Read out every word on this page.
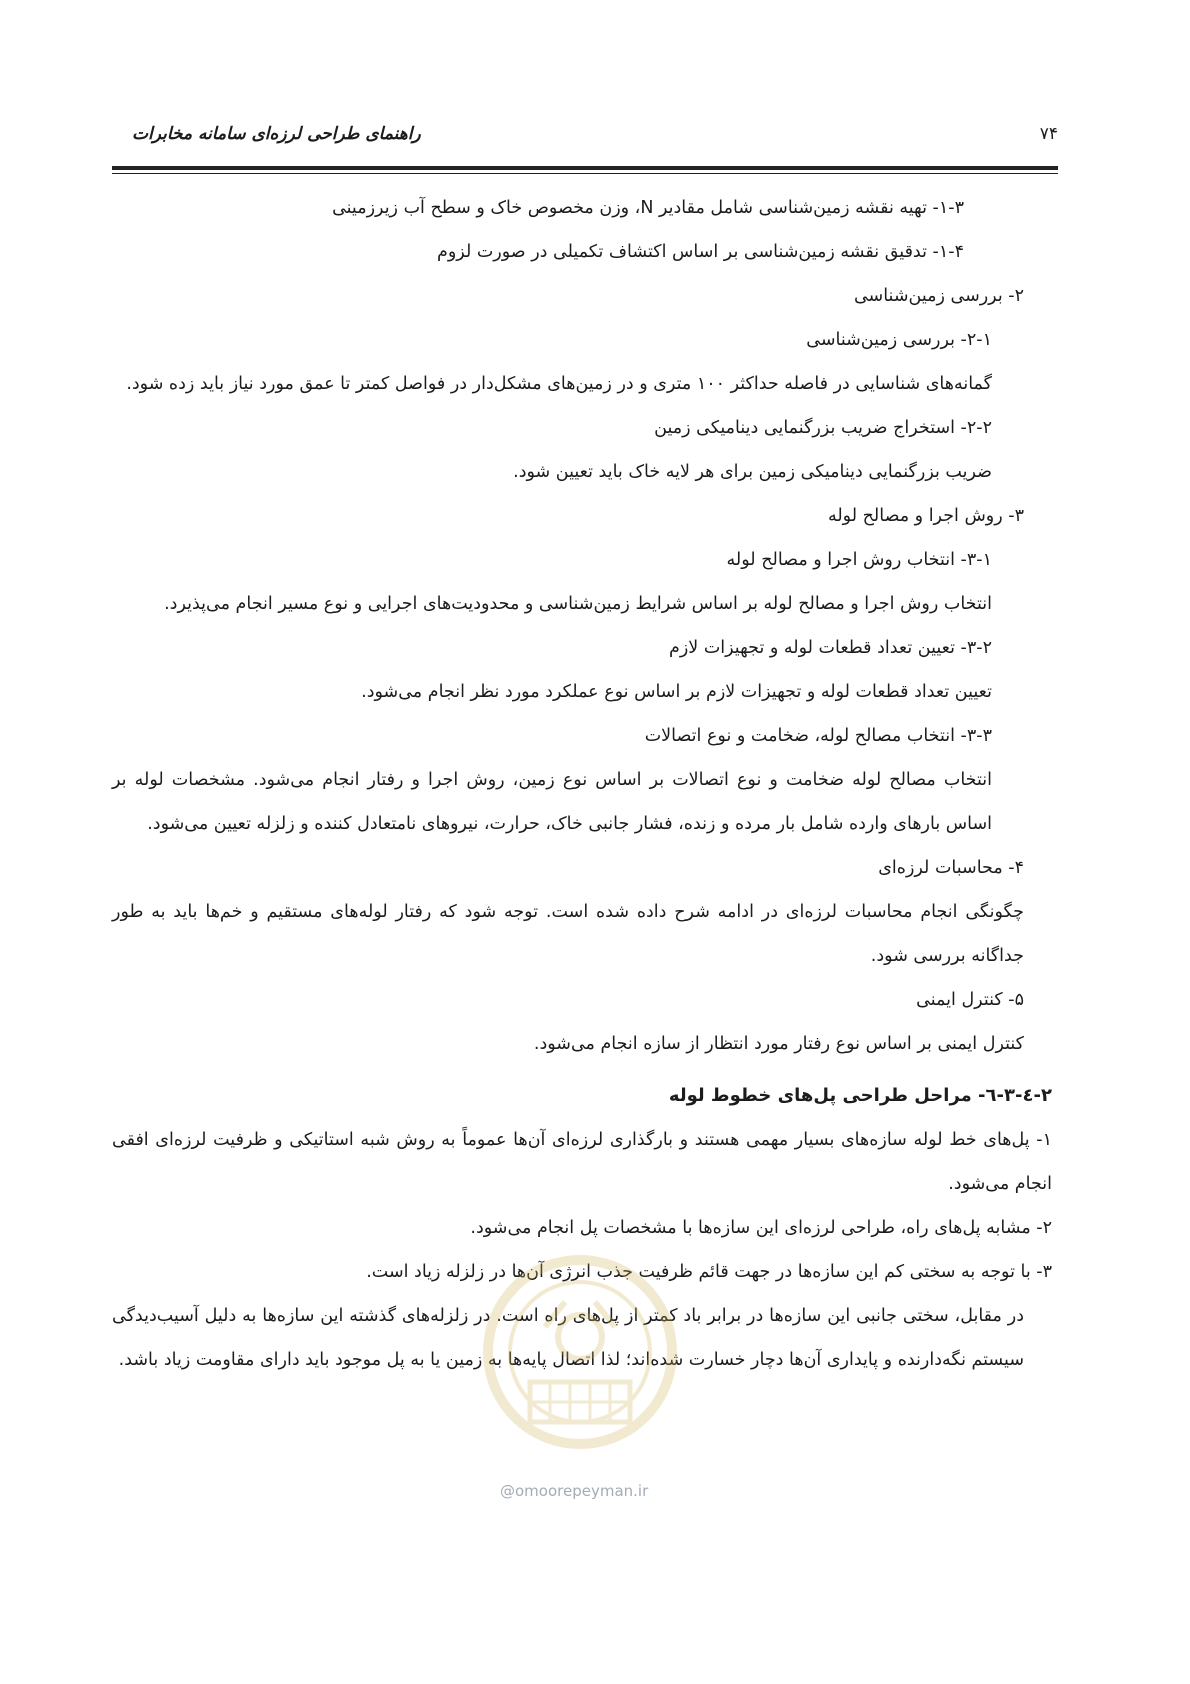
۷۴
راهنمای طراحی لرزه‌ای سامانه مخابرات

۱-۳- تهیه نقشه زمین‌شناسی شامل مقادیر N، وزن مخصوص خاک و سطح آب زیرزمینی

۱-۴- تدقیق نقشه زمین‌شناسی بر اساس اکتشاف تکمیلی در صورت لزوم

۲- بررسی زمین‌شناسی

۲-۱- بررسی زمین‌شناسی

گمانه‌های شناسایی در فاصله حداکثر ۱۰۰ متری و در زمین‌های مشکل‌دار در فواصل کمتر تا عمق مورد نیاز باید زده شود.

۲-۲- استخراج ضریب بزرگنمایی دینامیکی زمین

ضریب بزرگنمایی دینامیکی زمین برای هر لایه خاک باید تعیین شود.

۳- روش اجرا و مصالح لوله

۳-۱- انتخاب روش اجرا و مصالح لوله

انتخاب روش اجرا و مصالح لوله بر اساس شرایط زمین‌شناسی و محدودیت‌های اجرایی و نوع مسیر انجام می‌پذیرد.

۳-۲- تعیین تعداد قطعات لوله و تجهیزات لازم

تعیین تعداد قطعات لوله و تجهیزات لازم بر اساس نوع عملکرد مورد نظر انجام می‌شود.

۳-۳- انتخاب مصالح لوله، ضخامت و نوع اتصالات

انتخاب مصالح لوله ضخامت و نوع اتصالات بر اساس نوع زمین، روش اجرا و رفتار انجام می‌شود. مشخصات لوله بر اساس بارهای وارده شامل بار مرده و زنده، فشار جانبی خاک، حرارت، نیروهای نامتعادل کننده و زلزله تعیین می‌شود.

۴- محاسبات لرزه‌ای

چگونگی انجام محاسبات لرزه‌ای در ادامه شرح داده شده است. توجه شود که رفتار لوله‌های مستقیم و خم‌ها باید به طور جداگانه بررسی شود.

۵- کنترل ایمنی

کنترل ایمنی بر اساس نوع رفتار مورد انتظار از سازه انجام می‌شود.

۲-٤-۳-٦- مراحل طراحی پل‌های خطوط لوله

۱- پل‌های خط لوله سازه‌های بسیار مهمی هستند و بارگذاری لرزه‌ای آن‌ها عموماً به روش شبه استاتیکی و ظرفیت لرزه‌ای افقی انجام می‌شود.

۲- مشابه پل‌های راه، طراحی لرزه‌ای این سازه‌ها با مشخصات پل انجام می‌شود.

۳- با توجه به سختی کم این سازه‌ها در جهت قائم ظرفیت جذب انرژی آن‌ها در زلزله زیاد است.

در مقابل، سختی جانبی این سازه‌ها در برابر باد کمتر از پل‌های راه است. در زلزله‌های گذشته این سازه‌ها به دلیل آسیب‌دیدگی سیستم نگه‌دارنده و پایداری آن‌ها دچار خسارت شده‌اند؛ لذا اتصال پایه‌ها به زمین یا به پل موجود باید دارای مقاومت زیاد باشد.

@omoorepeyman.ir
